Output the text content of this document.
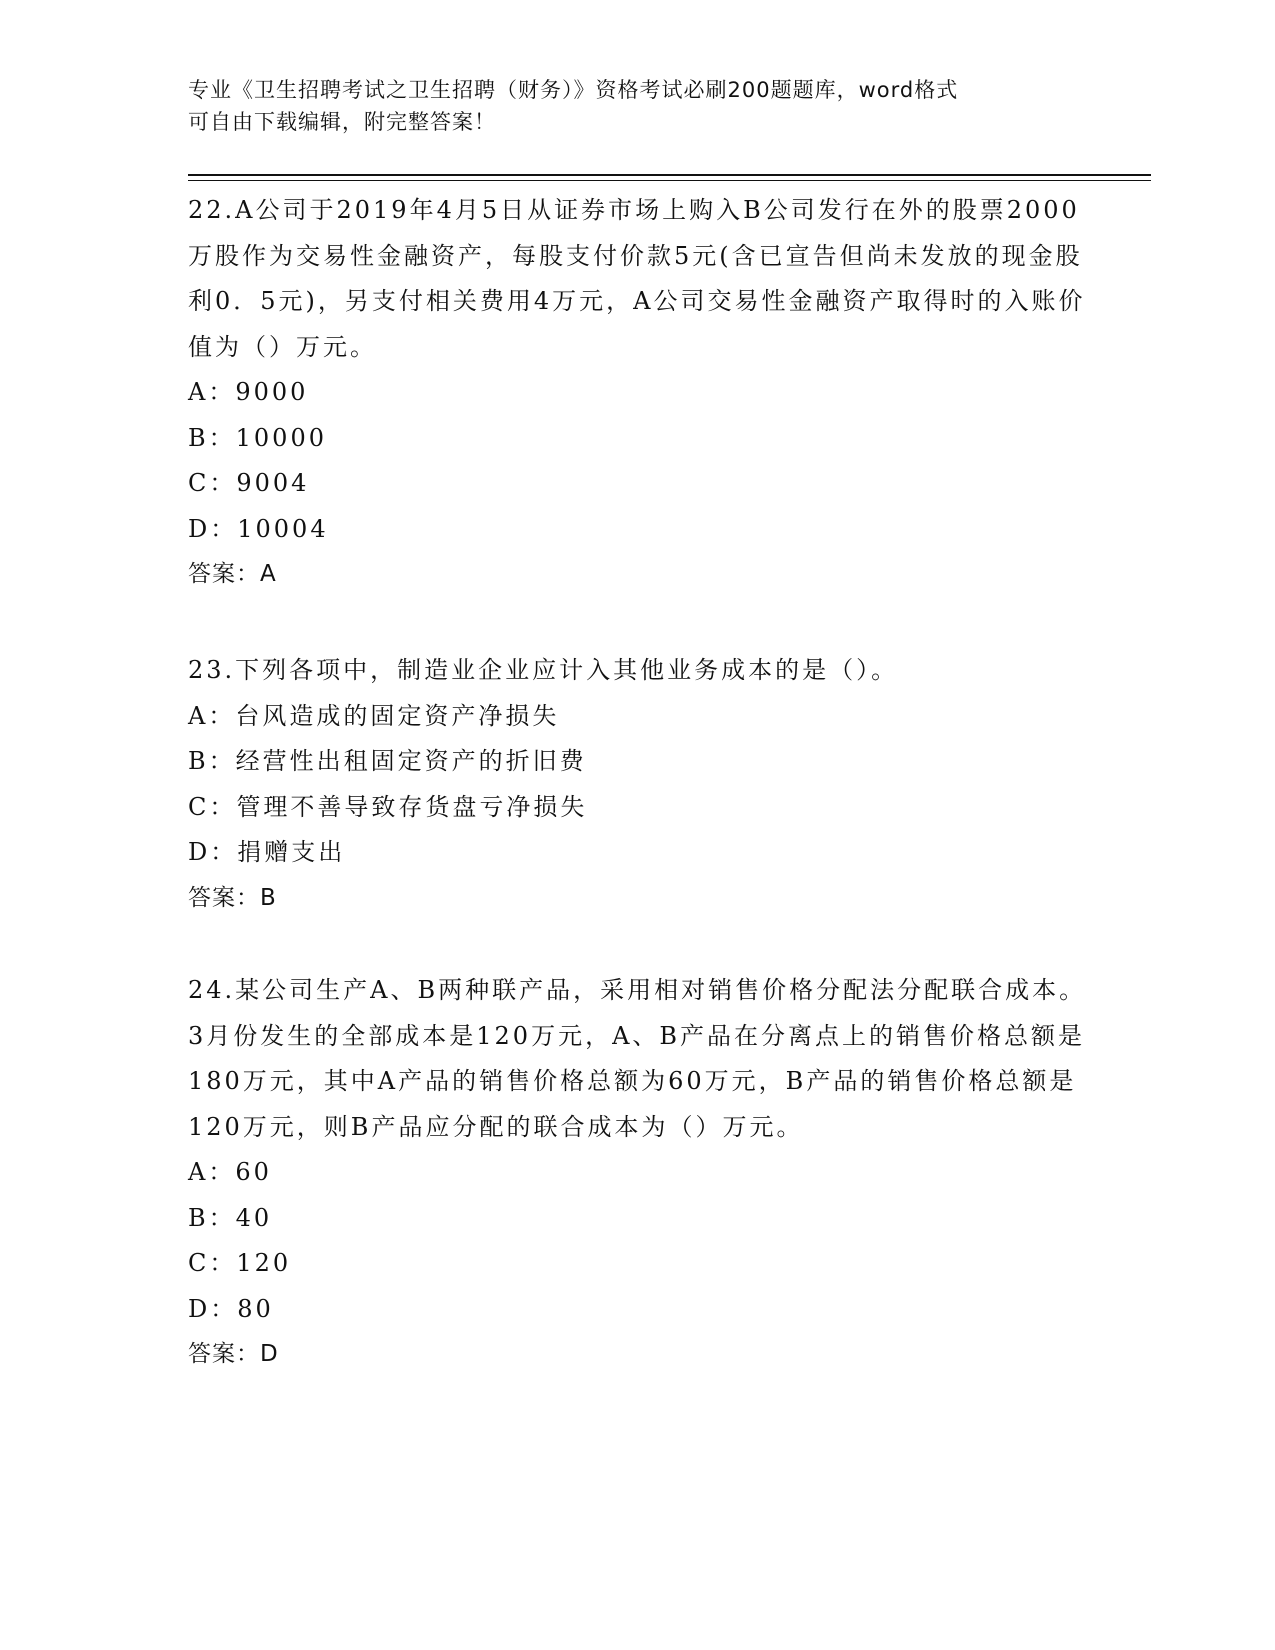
专业《卫生招聘考试之卫生招聘（财务）》资格考试必刷200题题库，word格式
可自由下载编辑，附完整答案！

22.A公司于2019年4月5日从证券市场上购入B公司发行在外的股票2000万股作为交易性金融资产，每股支付价款5元(含已宣告但尚未发放的现金股利0．5元)，另支付相关费用4万元，A公司交易性金融资产取得时的入账价值为（）万元。

A：9000

B：10000

C：9004

D：10004

答案：A

23.下列各项中，制造业企业应计入其他业务成本的是（）。

A：台风造成的固定资产净损失

B：经营性出租固定资产的折旧费

C：管理不善导致存货盘亏净损失

D：捐赠支出

答案：B

24.某公司生产A、B两种联产品，采用相对销售价格分配法分配联合成本。3月份发生的全部成本是120万元，A、B产品在分离点上的销售价格总额是180万元，其中A产品的销售价格总额为60万元，B产品的销售价格总额是120万元，则B产品应分配的联合成本为（）万元。

A：60

B：40

C：120

D：80

答案：D
